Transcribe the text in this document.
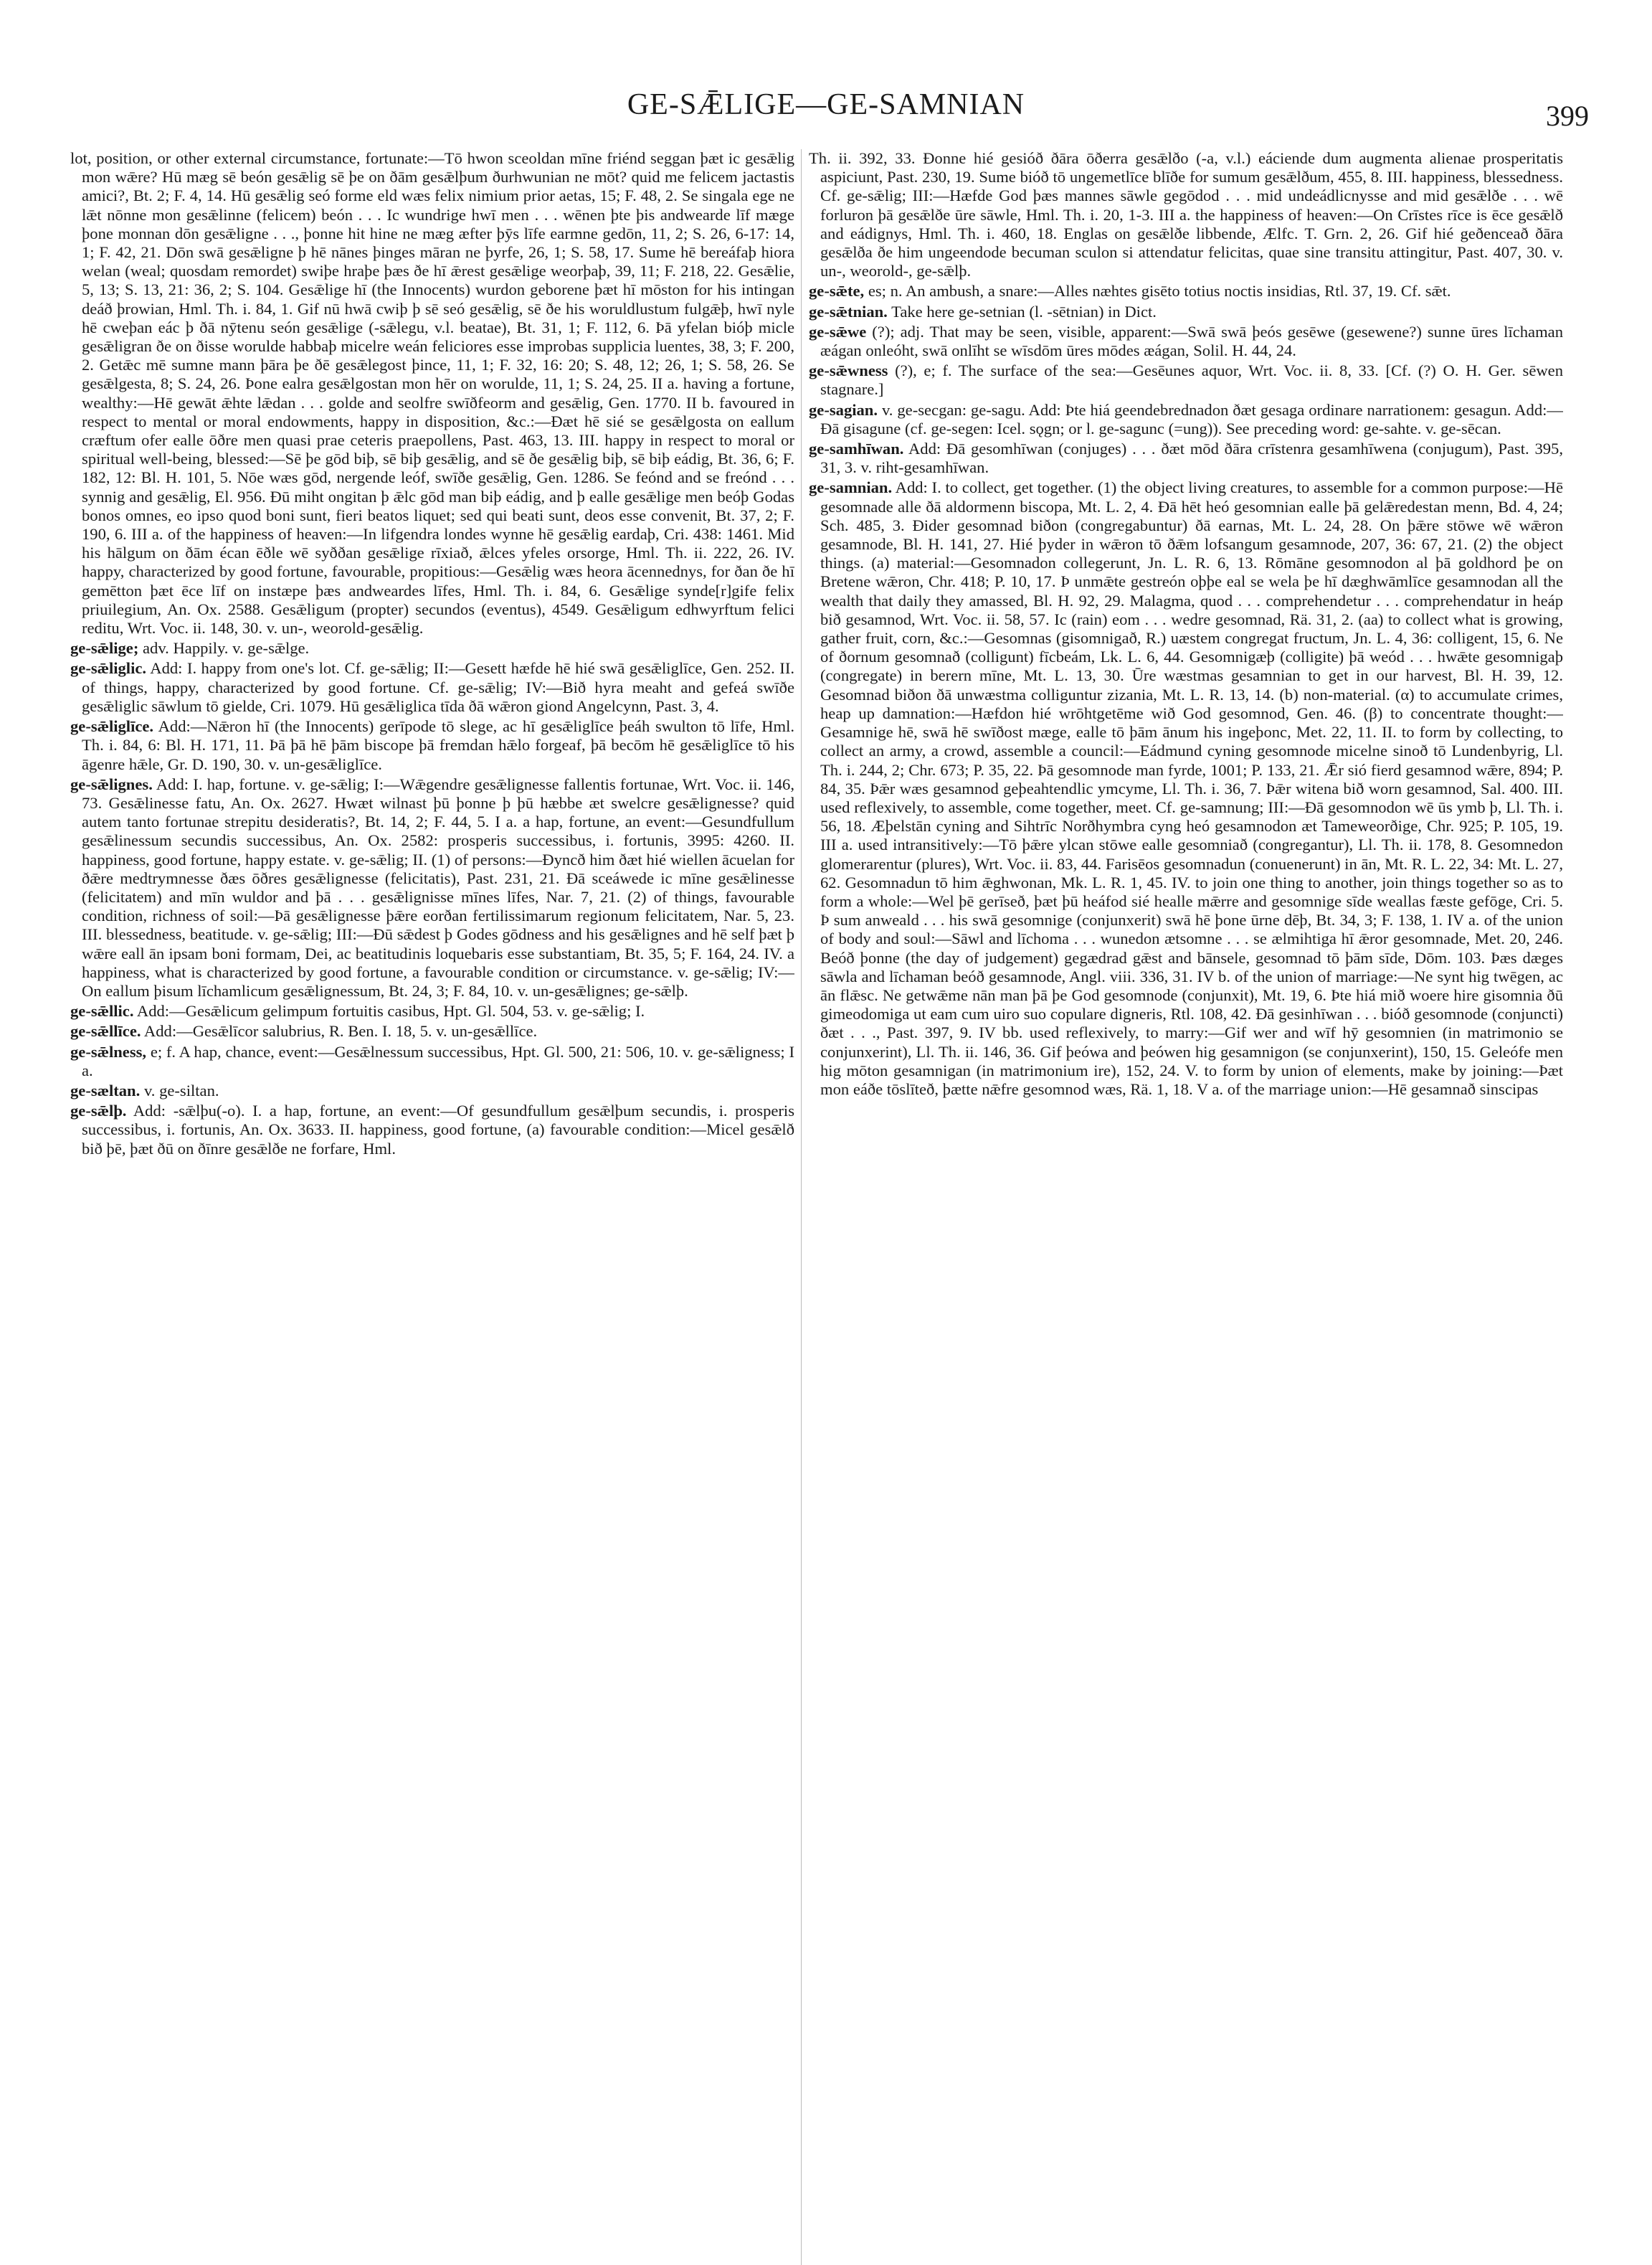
GE-SǢLIGE—GE-SAMNIAN	399

lot, position, or other external circumstance, fortunate:—Tō hwon sceoldan mīne friénd seggan þæt ic gesǣlig mon wǣre? Hū mæg sē beón gesǣlig sē þe on ðām gesǣlþum ðurhwunian ne mōt? quid me felicem jactastis amici?, Bt. 2; F. 4, 14. Hū gesǣlig seó forme eld wæs felix nimium prior aetas, 15; F. 48, 2. Se singala ege ne lǣt nōnne mon gesǣlinne (felicem) beón . . . Ic wundrige hwī men . . . wēnen þte þis andwearde līf mæge þone monnan dōn gesǣligne . . ., þonne hit hine ne mæg æfter þȳs līfe earmne gedōn, 11, 2; S. 26, 6-17: 14, 1; F. 42, 21. Dōn swā gesǣligne þ hē nānes þinges māran ne þyrfe, 26, 1; S. 58, 17. Sume hē bereáfaþ hiora welan (weal; quosdam remordet) swiþe hraþe þæs ðe hī ǣrest gesǣlige weorþaþ, 39, 11; F. 218, 22. Gesǣlie, 5, 13; S. 13, 21: 36, 2; S. 104. Gesǣlige hī (the Innocents) wurdon geborene þæt hī mōston for his intingan deáð þrowian, Hml. Th. i. 84, 1. Gif nū hwā cwiþ þ sē seó gesǣlig, sē ðe his woruldlustum fulgǣþ, hwī nyle hē cweþan eác þ ðā nȳtenu seón gesǣlige (-sǣlegu, v.l. beatae), Bt. 31, 1; F. 112, 6. Þā yfelan bióþ micle gesǣligran ðe on ðisse worulde habbaþ micelre weán feliciores esse improbas supplicia luentes, 38, 3; F. 200, 2. Getǣc mē sumne mann þāra þe ðē gesǣlegost þince, 11, 1; F. 32, 16: 20; S. 48, 12; 26, 1; S. 58, 26. Se gesǣlgesta, 8; S. 24, 26. Þone ealra gesǣlgostan mon hēr on worulde, 11, 1; S. 24, 25. II a. having a fortune, wealthy:—Hē gewāt ǣhte lǣdan . . . golde and seolfre swīðfeorm and gesǣlig, Gen. 1770. II b. favoured in respect to mental or moral endowments, happy in disposition, &c.:—Ðæt hē sié se gesǣlgosta on eallum cræftum ofer ealle ōðre men quasi prae ceteris praepollens, Past. 463, 13. III. happy in respect to moral or spiritual well-being, blessed:—Sē þe gōd biþ, sē biþ gesǣlig, and sē ðe gesǣlig biþ, sē biþ eádig, Bt. 36, 6; F. 182, 12: Bl. H. 101, 5. Nōe wæs gōd, nergende leóf, swīðe gesǣlig, Gen. 1286. Se feónd and se freónd . . . synnig and gesǣlig, El. 956. Ðū miht ongitan þ ǣlc gōd man biþ eádig, and þ ealle gesǣlige men beóþ Godas bonos omnes, eo ipso quod boni sunt, fieri beatos liquet; sed qui beati sunt, deos esse convenit, Bt. 37, 2; F. 190, 6. III a. of the happiness of heaven:—In lifgendra londes wynne hē gesǣlig eardaþ, Cri. 438: 1461. Mid his hālgum on ðām écan ēðle wē syððan gesǣlige rīxiað, ǣlces yfeles orsorge, Hml. Th. ii. 222, 26. IV. happy, characterized by good fortune, favourable, propitious:—Gesǣlig wæs heora ācennednys, for ðan ðe hī gemētton þæt ēce līf on instæpe þæs andweardes līfes, Hml. Th. i. 84, 6. Gesǣlige synde[r]gife felix priuilegium, An. Ox. 2588. Gesǣligum (propter) secundos (eventus), 4549. Gesǣligum edhwyrftum felici reditu, Wrt. Voc. ii. 148, 30. v. un-, weorold-gesǣlig.

ge-sǣlige; adv. Happily. v. ge-sǣlge.

ge-sǣliglic. Add: I. happy from one's lot. Cf. ge-sǣlig; II:—Gesett hæfde hē hié swā gesǣliglīce, Gen. 252. II. of things, happy, characterized by good fortune. Cf. ge-sǣlig; IV:—Bið hyra meaht and gefeá swīðe gesǣliglic sāwlum tō gielde, Cri. 1079. Hū gesǣliglica tīda ðā wǣron giond Angelcynn, Past. 3, 4.

ge-sǣliglīce. Add:—Nǣron hī (the Innocents) gerīpode tō slege, ac hī gesǣliglīce þeáh swulton tō līfe, Hml. Th. i. 84, 6: Bl. H. 171, 11. Þā þā hē þām biscope þā fremdan hǣlo forgeaf, þā becōm hē gesǣliglīce tō his āgenre hǣle, Gr. D. 190, 30. v. un-gesǣliglīce.

ge-sǣlignes. Add: I. hap, fortune. v. ge-sǣlig; I:—Wǣgendre gesǣlignesse fallentis fortunae, Wrt. Voc. ii. 146, 73. Gesǣlinesse fatu, An. Ox. 2627. Hwæt wilnast þū þonne þ þū hæbbe æt swelcre gesǣlignesse? quid autem tanto fortunae strepitu desideratis?, Bt. 14, 2; F. 44, 5. I a. a hap, fortune, an event:—Gesundfullum gesǣlinessum secundis successibus, An. Ox. 2582: prosperis successibus, i. fortunis, 3995: 4260. II. happiness, good fortune, happy estate. v. ge-sǣlig; II. (1) of persons:—Ðyncð him ðæt hié wiellen ācuelan for ðǣre medtrymnesse ðæs ōðres gesǣlignesse (felicitatis), Past. 231, 21. Ðā sceáwede ic mīne gesǣlinesse (felicitatem) and mīn wuldor and þā . . . gesǣlignisse mīnes līfes, Nar. 7, 21. (2) of things, favourable condition, richness of soil:—Þā gesǣlignesse þǣre eorðan fertilissimarum regionum felicitatem, Nar. 5, 23. III. blessedness, beatitude. v. ge-sǣlig; III:—Ðū sǣdest þ Godes gōdness and his gesǣlignes and hē self þæt þ wǣre eall ān ipsam boni formam, Dei, ac beatitudinis loquebaris esse substantiam, Bt. 35, 5; F. 164, 24. IV. a happiness, what is characterized by good fortune, a favourable condition or circumstance. v. ge-sǣlig; IV:—On eallum þisum līchamlicum gesǣlignessum, Bt. 24, 3; F. 84, 10. v. un-gesǣlignes; ge-sǣlþ.

ge-sǣllic. Add:—Gesǣlicum gelimpum fortuitis casibus, Hpt. Gl. 504, 53. v. ge-sǣlig; I.

ge-sǣllīce. Add:—Gesǣlīcor salubrius, R. Ben. I. 18, 5. v. un-gesǣllīce.

ge-sǣlness, e; f. A hap, chance, event:—Gesǣlnessum successibus, Hpt. Gl. 500, 21: 506, 10. v. ge-sǣligness; I a.

ge-sæltan. v. ge-siltan.

ge-sǣlþ. Add: -sǣlþu(-o). I. a hap, fortune, an event:—Of gesundfullum gesǣlþum secundis, i. prosperis successibus, i. fortunis, An. Ox. 3633. II. happiness, good fortune, (a) favourable condition:—Micel gesǣlð bið þē, þæt ðū on ðīnre gesǣlðe ne forfare, Hml.

Th. ii. 392, 33. Ðonne hié gesióð ðāra ōðerra gesǣlðo (-a, v.l.) eáciende dum augmenta alienae prosperitatis aspiciunt, Past. 230, 19. Sume bióð tō ungemetlīce blīðe for sumum gesǣlðum, 455, 8. III. happiness, blessedness. Cf. ge-sǣlig; III:—Hæfde God þæs mannes sāwle gegōdod . . . mid undeádlicnysse and mid gesǣlðe . . . wē forluron þā gesǣlðe ūre sāwle, Hml. Th. i. 20, 1-3. III a. the happiness of heaven:—On Crīstes rīce is ēce gesǣlð and eádignys, Hml. Th. i. 460, 18. Englas on gesǣlðe libbende, Ælfc. T. Grn. 2, 26. Gif hié geðenceað ðāra gesǣlða ðe him ungeendode becuman sculon si attendatur felicitas, quae sine transitu attingitur, Past. 407, 30. v. un-, weorold-, ge-sǣlþ.

ge-sǣte, es; n. An ambush, a snare:—Alles næhtes gisēto totius noctis insidias, Rtl. 37, 19. Cf. sǣt.

ge-sǣtnian. Take here ge-setnian (l. -sētnian) in Dict.

ge-sǣwe (?); adj. That may be seen, visible, apparent:—Swā swā þeós gesēwe (gesewene?) sunne ūres līchaman æágan onleóht, swā onlīht se wīsdōm ūres mōdes æágan, Solil. H. 44, 24.

ge-sǣwness (?), e; f. The surface of the sea:—Gesēunes aquor, Wrt. Voc. ii. 8, 33. [Cf. (?) O. H. Ger. sēwen stagnare.]

ge-sagian. v. ge-secgan: ge-sagu. Add: Þte hiá geendebrednadon ðæt gesaga ordinare narrationem: gesagun. Add:—Ðā gisagune (cf. ge-segen: Icel. sǫgn; or l. ge-sagunc (=ung)). See preceding word: ge-sahte. v. ge-sēcan.

ge-samhīwan. Add: Ðā gesomhīwan (conjuges) . . . ðæt mōd ðāra crīstenra gesamhīwena (conjugum), Past. 395, 31, 3. v. riht-gesamhīwan.

ge-samnian. Add: I. to collect, get together. (1) the object living creatures, to assemble for a common purpose:—Hē gesomnade alle ðā aldormenn biscopa, Mt. L. 2, 4. Ðā hēt heó gesomnian ealle þā gelǣredestan menn, Bd. 4, 24; Sch. 485, 3. Ðider gesomnad biðon (congregabuntur) ðā earnas, Mt. L. 24, 28. On þǣre stōwe wē wǣron gesamnode, Bl. H. 141, 27. Hié þyder in wǣron tō ðǣm lofsangum gesamnode, 207, 36: 67, 21. (2) the object things. (a) material:—Gesomnadon collegerunt, Jn. L. R. 6, 13. Rōmāne gesomnodon al þā goldhord þe on Bretene wǣron, Chr. 418; P. 10, 17. Þ unmǣte gestreón oþþe eal se wela þe hī dæghwāmlīce gesamnodan all the wealth that daily they amassed, Bl. H. 92, 29. Malagma, quod . . . comprehendetur . . . comprehendatur in heáp bið gesamnod, Wrt. Voc. ii. 58, 57. Ic (rain) eom . . . wedre gesomnad, Rä. 31, 2. (aa) to collect what is growing, gather fruit, corn, &c.:—Gesomnas (gisomnigað, R.) uæstem congregat fructum, Jn. L. 4, 36: colligent, 15, 6. Ne of ðornum gesomnað (colligunt) fīcbeám, Lk. L. 6, 44. Gesomnigæþ (colligite) þā weód . . . hwǣte gesomnigaþ (congregate) in berern mīne, Mt. L. 13, 30. Ūre wæstmas gesamnian to get in our harvest, Bl. H. 39, 12. Gesomnad biðon ðā unwæstma colliguntur zizania, Mt. L. R. 13, 14. (b) non-material. (α) to accumulate crimes, heap up damnation:—Hæfdon hié wrōhtgetēme wið God gesomnod, Gen. 46. (β) to concentrate thought:—Gesamnige hē, swā hē swīðost mæge, ealle tō þām ānum his ingeþonc, Met. 22, 11. II. to form by collecting, to collect an army, a crowd, assemble a council:—Eádmund cyning gesomnode micelne sinoð tō Lundenbyrig, Ll. Th. i. 244, 2; Chr. 673; P. 35, 22. Þā gesomnode man fyrde, 1001; P. 133, 21. Ǣr sió fierd gesamnod wǣre, 894; P. 84, 35. Þǣr wæs gesamnod geþeahtendlic ymcyme, Ll. Th. i. 36, 7. Þǣr witena bið worn gesamnod, Sal. 400. III. used reflexively, to assemble, come together, meet. Cf. ge-samnung; III:—Ðā gesomnodon wē ūs ymb þ, Ll. Th. i. 56, 18. Æþelstān cyning and Sihtrīc Norðhymbra cyng heó gesamnodon æt Tameweorðige, Chr. 925; P. 105, 19. III a. used intransitively:—Tō þǣre ylcan stōwe ealle gesomniað (congregantur), Ll. Th. ii. 178, 8. Gesomnedon glomerarentur (plures), Wrt. Voc. ii. 83, 44. Farisēos gesomnadun (conuenerunt) in ān, Mt. R. L. 22, 34: Mt. L. 27, 62. Gesomnadun tō him ǣghwonan, Mk. L. R. 1, 45. IV. to join one thing to another, join things together so as to form a whole:—Wel þē gerīseð, þæt þū heáfod sié healle mǣrre and gesomnige sīde weallas fæste gefōge, Cri. 5. Þ sum anweald . . . his swā gesomnige (conjunxerit) swā hē þone ūrne dēþ, Bt. 34, 3; F. 138, 1. IV a. of the union of body and soul:—Sāwl and līchoma . . . wunedon ætsomne . . . se ælmihtiga hī ǣror gesomnade, Met. 20, 246. Beóð þonne (the day of judgement) gegædrad gǣst and bānsele, gesomnad tō þām sīde, Dōm. 103. Þæs dæges sāwla and līchaman beóð gesamnode, Angl. viii. 336, 31. IV b. of the union of marriage:—Ne synt hig twēgen, ac ān flǣsc. Ne getwǣme nān man þā þe God gesomnode (conjunxit), Mt. 19, 6. Þte hiá mið woere hire gisomnia ðū gimeodomiga ut eam cum uiro suo copulare digneris, Rtl. 108, 42. Ðā gesinhīwan . . . bióð gesomnode (conjuncti) ðæt . . ., Past. 397, 9. IV bb. used reflexively, to marry:—Gif wer and wīf hȳ gesomnien (in matrimonio se conjunxerint), Ll. Th. ii. 146, 36. Gif þeówa and þeówen hig gesamnigon (se conjunxerint), 150, 15. Geleófe men hig mōton gesamnigan (in matrimonium ire), 152, 24. V. to form by union of elements, make by joining:—Þæt mon eáðe tōslīteð, þætte nǣfre gesomnod wæs, Rä. 1, 18. V a. of the marriage union:—Hē gesamnað sinscipas
